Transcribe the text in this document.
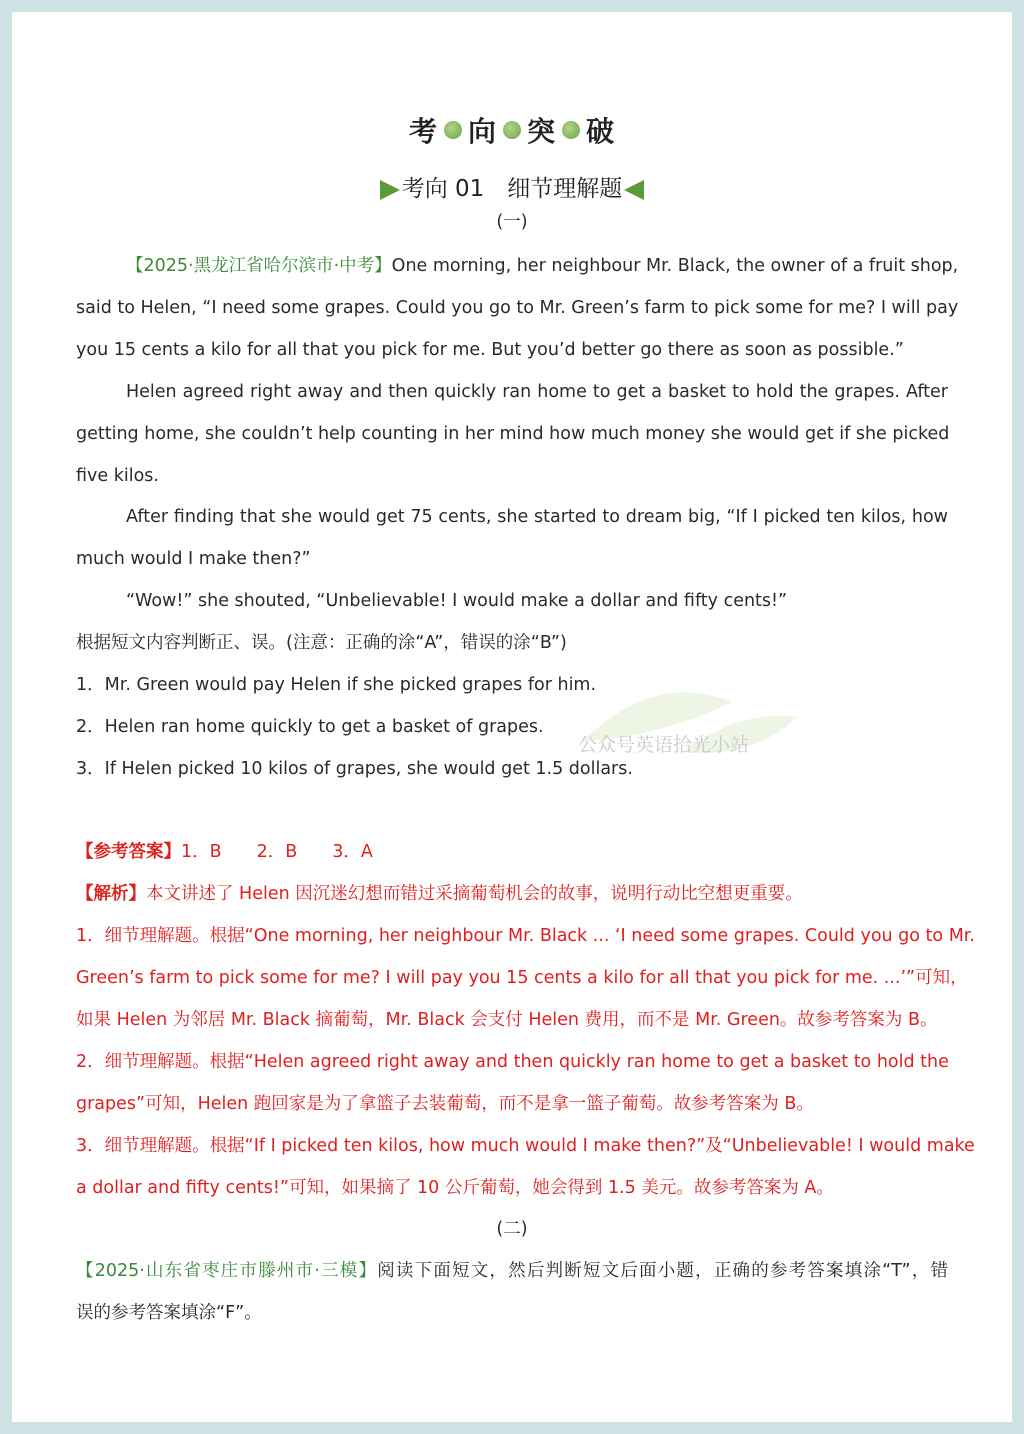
考 向 突 破
考向 01　细节理解题
(一)
【2025·黑龙江省哈尔滨市·中考】One morning, her neighbour Mr. Black, the owner of a fruit shop,
said to Helen, “I need some grapes. Could you go to Mr. Green’s farm to pick some for me? I will pay
you 15 cents a kilo for all that you pick for me. But you’d better go there as soon as possible.”
Helen agreed right away and then quickly ran home to get a basket to hold the grapes. After
getting home, she couldn’t help counting in her mind how much money she would get if she picked
five kilos.
After finding that she would get 75 cents, she started to dream big, “If I picked ten kilos, how
much would I make then?”
“Wow!” she shouted, “Unbelievable! I would make a dollar and fifty cents!”
根据短文内容判断正、误。(注意：正确的涂“A”，错误的涂“B”)
1．Mr. Green would pay Helen if she picked grapes for him.
2．Helen ran home quickly to get a basket of grapes.
3．If Helen picked 10 kilos of grapes, she would get 1.5 dollars.
公众号英语拾光小站
【参考答案】1．B　　2．B　　3．A
【解析】本文讲述了 Helen 因沉迷幻想而错过采摘葡萄机会的故事，说明行动比空想更重要。
1．细节理解题。根据“One morning, her neighbour Mr. Black ... ‘I need some grapes. Could you go to Mr.
Green’s farm to pick some for me? I will pay you 15 cents a kilo for all that you pick for me. ...’”可知，
如果 Helen 为邻居 Mr. Black 摘葡萄，Mr. Black 会支付 Helen 费用，而不是 Mr. Green。故参考答案为 B。
2．细节理解题。根据“Helen agreed right away and then quickly ran home to get a basket to hold the
grapes”可知，Helen 跑回家是为了拿篮子去装葡萄，而不是拿一篮子葡萄。故参考答案为 B。
3．细节理解题。根据“If I picked ten kilos, how much would I make then?”及“Unbelievable! I would make
a dollar and fifty cents!”可知，如果摘了 10 公斤葡萄，她会得到 1.5 美元。故参考答案为 A。
(二)
【2025·山东省枣庄市滕州市·三模】阅读下面短文，然后判断短文后面小题，正确的参考答案填涂“T”，错
误的参考答案填涂“F”。
